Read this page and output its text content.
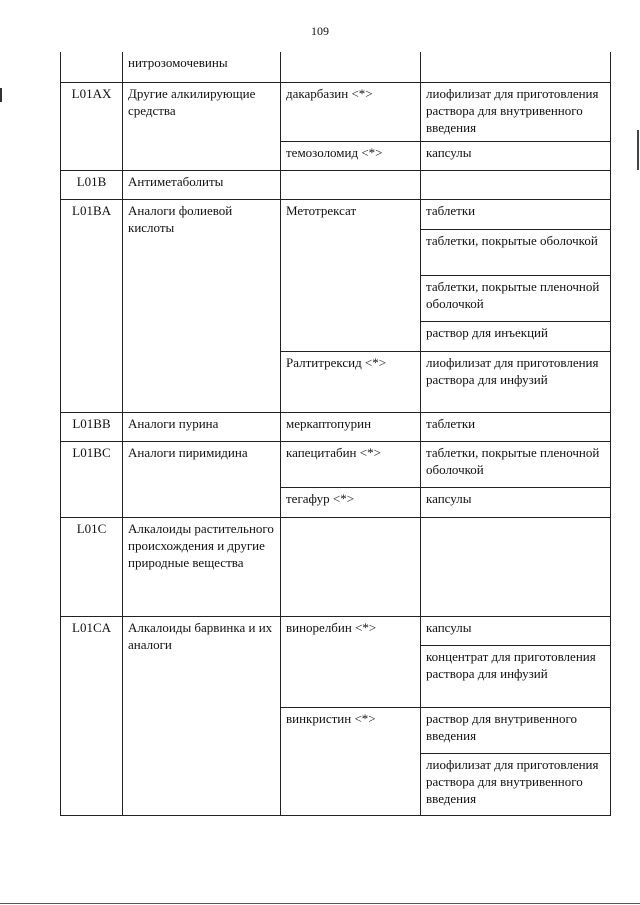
109
	нитрозомочевины		
L01AX	Другие алкилирующие средства	дакарбазин <*>	лиофилизат для приготовления раствора для внутривенного введения
		темозоломид <*>	капсулы
L01B	Антиметаболиты		
L01BA	Аналоги фолиевой кислоты	Метотрексат	таблетки
			таблетки, покрытые оболочкой
			таблетки, покрытые пленочной оболочкой
			раствор для инъекций
		Ралтитрексид <*>	лиофилизат для приготовления раствора для инфузий
L01BB	Аналоги пурина	меркаптопурин	таблетки
L01BC	Аналоги пиримидина	капецитабин <*>	таблетки, покрытые пленочной оболочкой
		тегафур <*>	капсулы
L01C	Алкалоиды растительного происхождения и другие природные вещества		
L01CA	Алкалоиды барвинка и их аналоги	винорелбин <*>	капсулы
			концентрат для приготовления раствора для инфузий
		винкристин <*>	раствор для внутривенного введения
			лиофилизат для приготовления раствора для внутривенного введения
